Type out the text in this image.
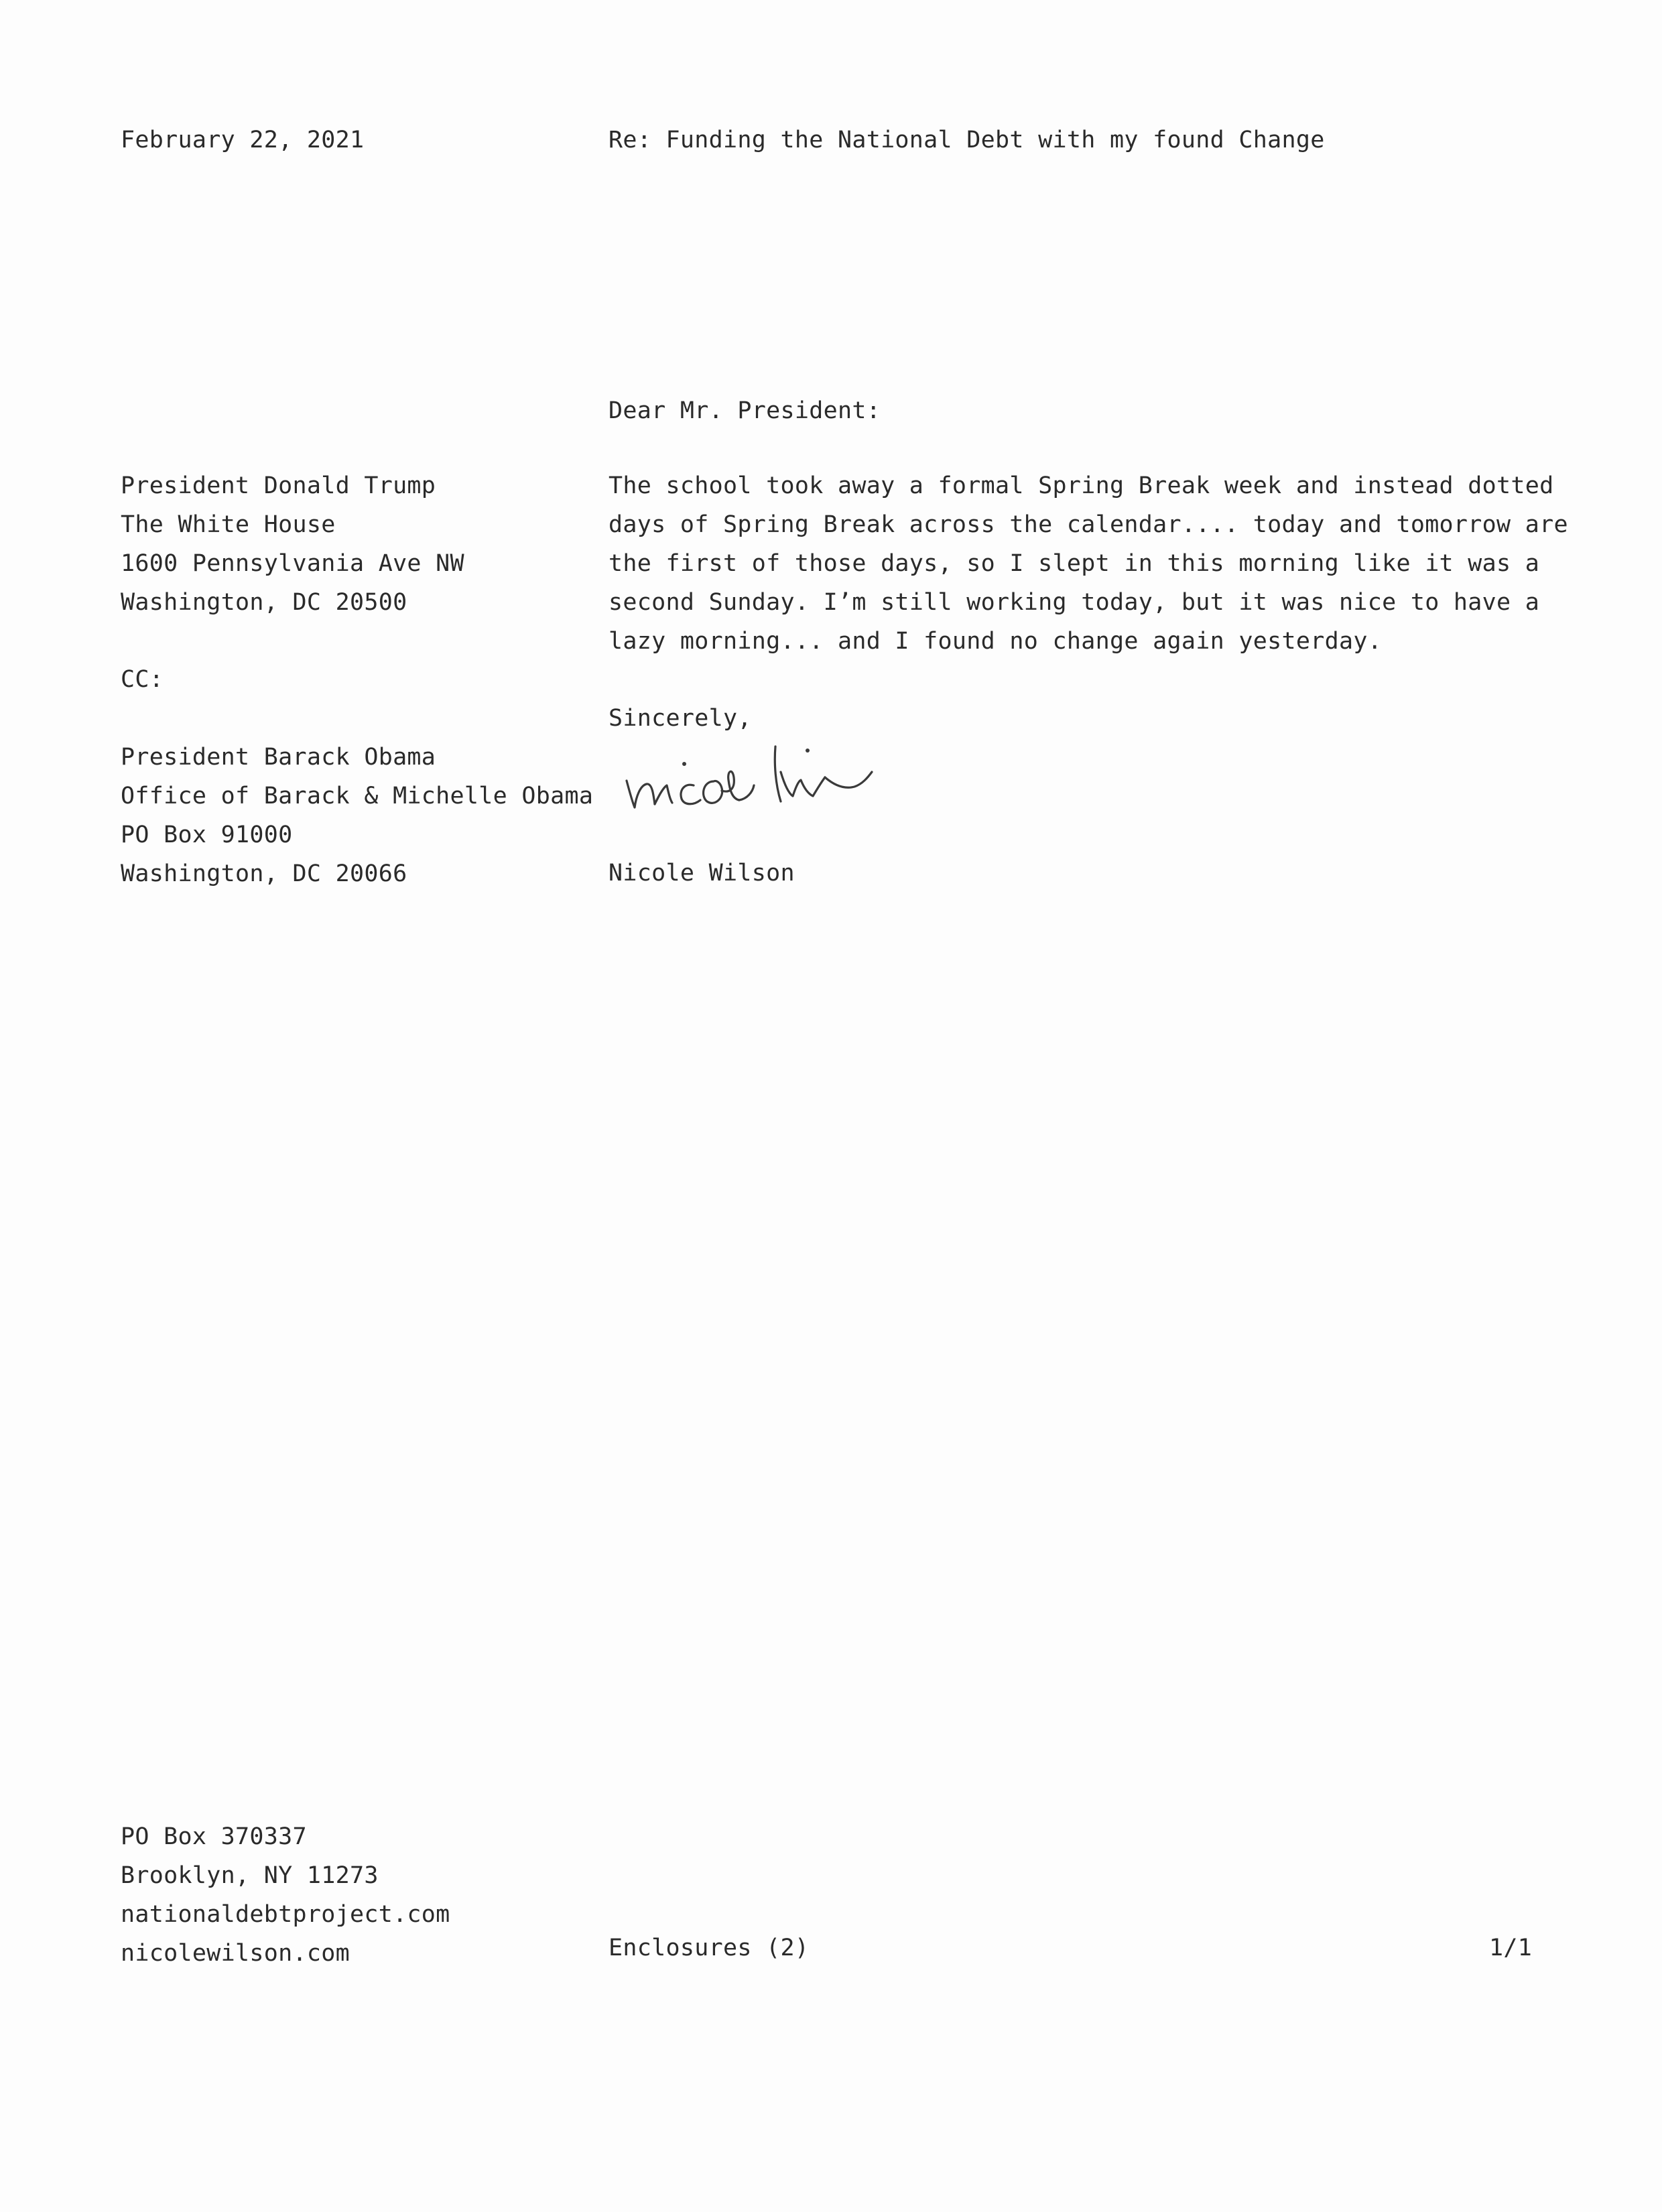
February 22, 2021	Re: Funding the National Debt with my found Change
Dear Mr. President:
President Donald Trump
The White House
1600 Pennsylvania Ave NW
Washington, DC 20500
CC:
President Barack Obama
Office of Barack & Michelle Obama
PO Box 91000
Washington, DC 20066
The school took away a formal Spring Break week and instead dotted
days of Spring Break across the calendar.... today and tomorrow are
the first of those days, so I slept in this morning like it was a
second Sunday. I’m still working today, but it was nice to have a
lazy morning... and I found no change again yesterday.
Sincerely,
Nicole Wilson
PO Box 370337
Brooklyn, NY 11273
nationaldebtproject.com
nicolewilson.com	Enclosures (2)	1/1
